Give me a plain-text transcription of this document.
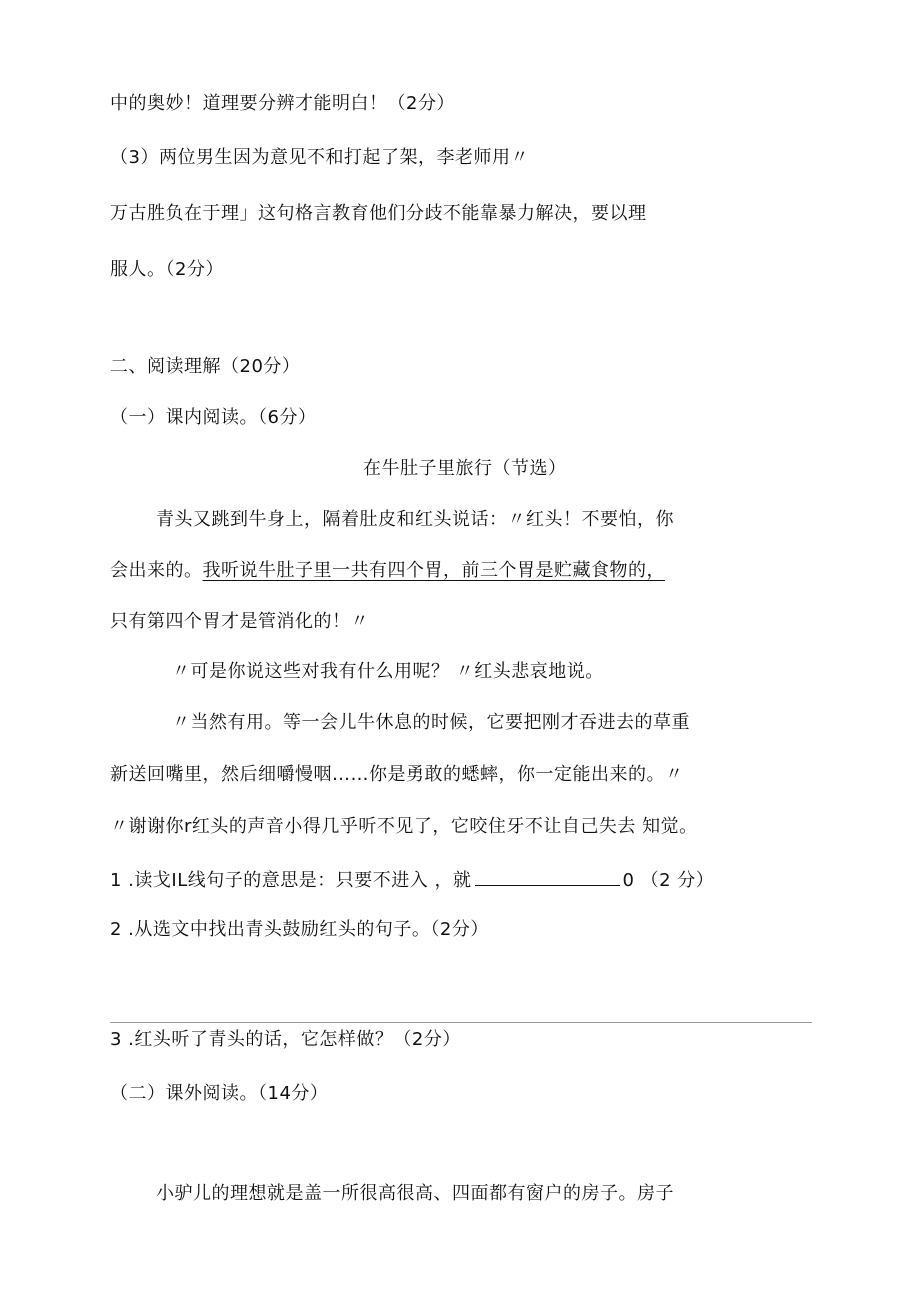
中的奥妙！道理要分辨才能明白！（2分）
（3）两位男生因为意见不和打起了架，李老师用〃
万古胜负在于理」这句格言教育他们分歧不能靠暴力解决，要以理
服人。（2分）
二、阅读理解（20分）
（一）课内阅读。（6分）
在牛肚子里旅行（节选）
青头又跳到牛身上，隔着肚皮和红头说话：〃红头！不要怕，你
会出来的。我听说牛肚子里一共有四个胃，前三个胃是贮藏食物的，
只有第四个胃才是管消化的！〃
〃可是你说这些对我有什么用呢？ 〃红头悲哀地说。
〃当然有用。等一会儿牛休息的时候，它要把刚才吞进去的草重
新送回嘴里，然后细嚼慢咽……你是勇敢的蟋蟀，你一定能出来的。〃
〃谢谢你r红头的声音小得几乎听不见了，它咬住牙不让自己失去 知觉。
1 .读戈IL线句子的意思是：只要不进入 ，就	0 （2 分）
2 .从选文中找出青头鼓励红头的句子。（2分）
3 .红头听了青头的话，它怎样做？（2分）
（二）课外阅读。（14分）
小驴儿的理想就是盖一所很高很高、四面都有窗户的房子。房子
